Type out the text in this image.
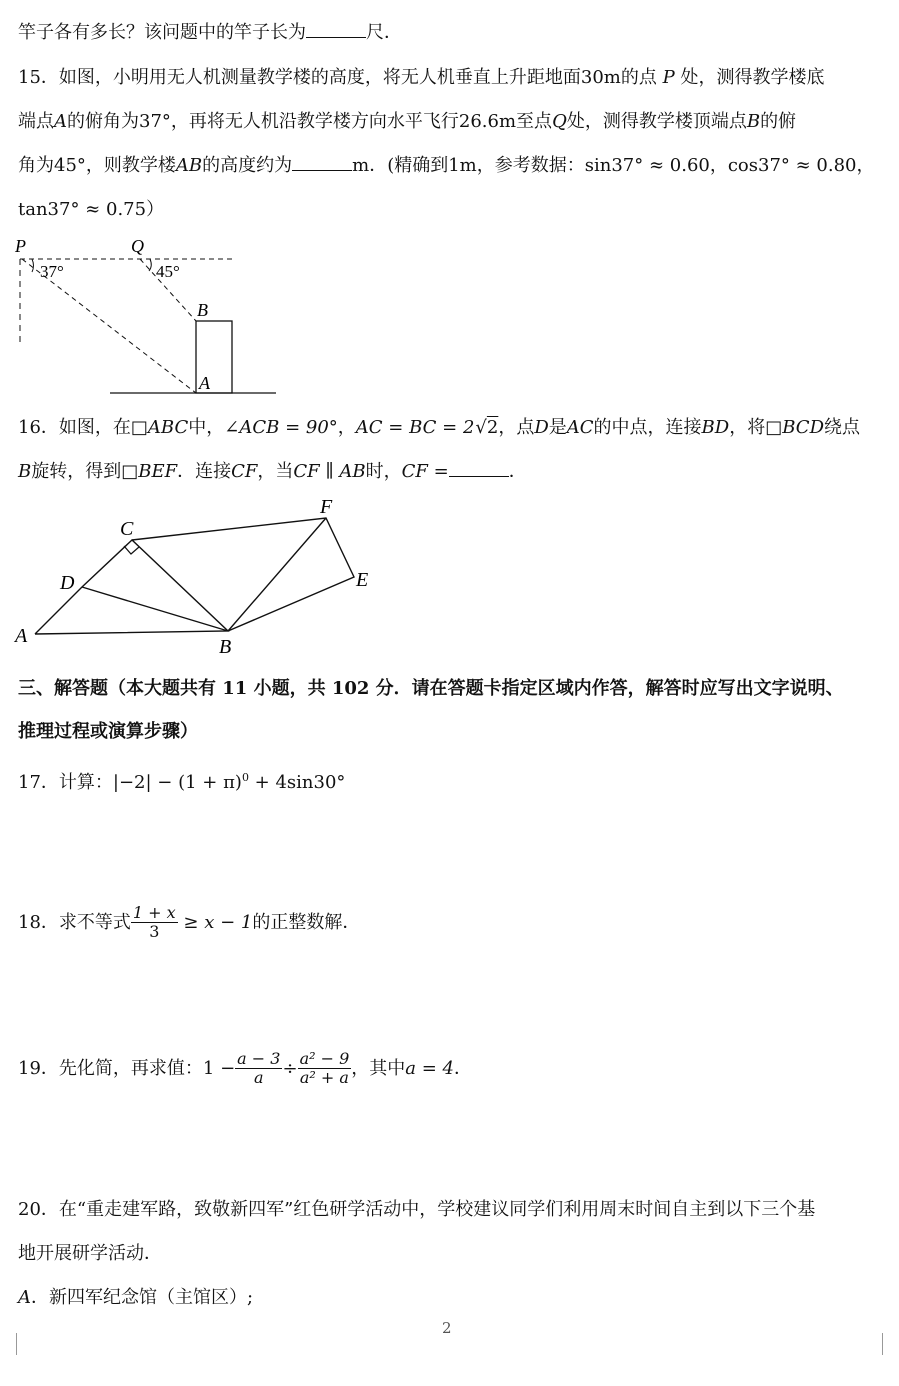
竿子各有多长？该问题中的竿子长为	尺．
15．如图，小明用无人机测量教学楼的高度，将无人机垂直上升距地面30m的点 P 处，测得教学楼底
端点A的俯角为37°，再将无人机沿教学楼方向水平飞行26.6m至点Q处，测得教学楼顶端点B的俯
角为45°，则教学楼AB的高度约为	m．(精确到1m，参考数据：sin37° ≈ 0.60，cos37° ≈ 0.80，
tan37° ≈ 0.75）
P	Q
B
A
37°	45°
16．如图，在□ABC中，∠ACB = 90°，AC = BC = 2√2，点D是AC的中点，连接BD，将□BCD绕点
B旋转，得到□BEF．连接CF，当CF ∥ AB时，CF =	．
C
D
A	B
F
E
三、解答题（本大题共有 11 小题，共 102 分．请在答题卡指定区域内作答，解答时应写出文字说明、
推理过程或演算步骤）
17．计算：$|-2| - (1 + \pi)^0 + 4\sin 30^\circ$
18．求不等式 $\frac{1 + x}{3} \ge x - 1$的正整数解．
19．先化简，再求值：$1 - \frac{a - 3}{a} \div \frac{\text{a² − 9}}{\text{a² + a}}$ ，其中a = 4．
20．在“重走建军路，致敬新四军”红色研学活动中，学校建议同学们利用周末时间自主到以下三个基
地开展研学活动．
A．新四军纪念馆（主馆区）;
2
